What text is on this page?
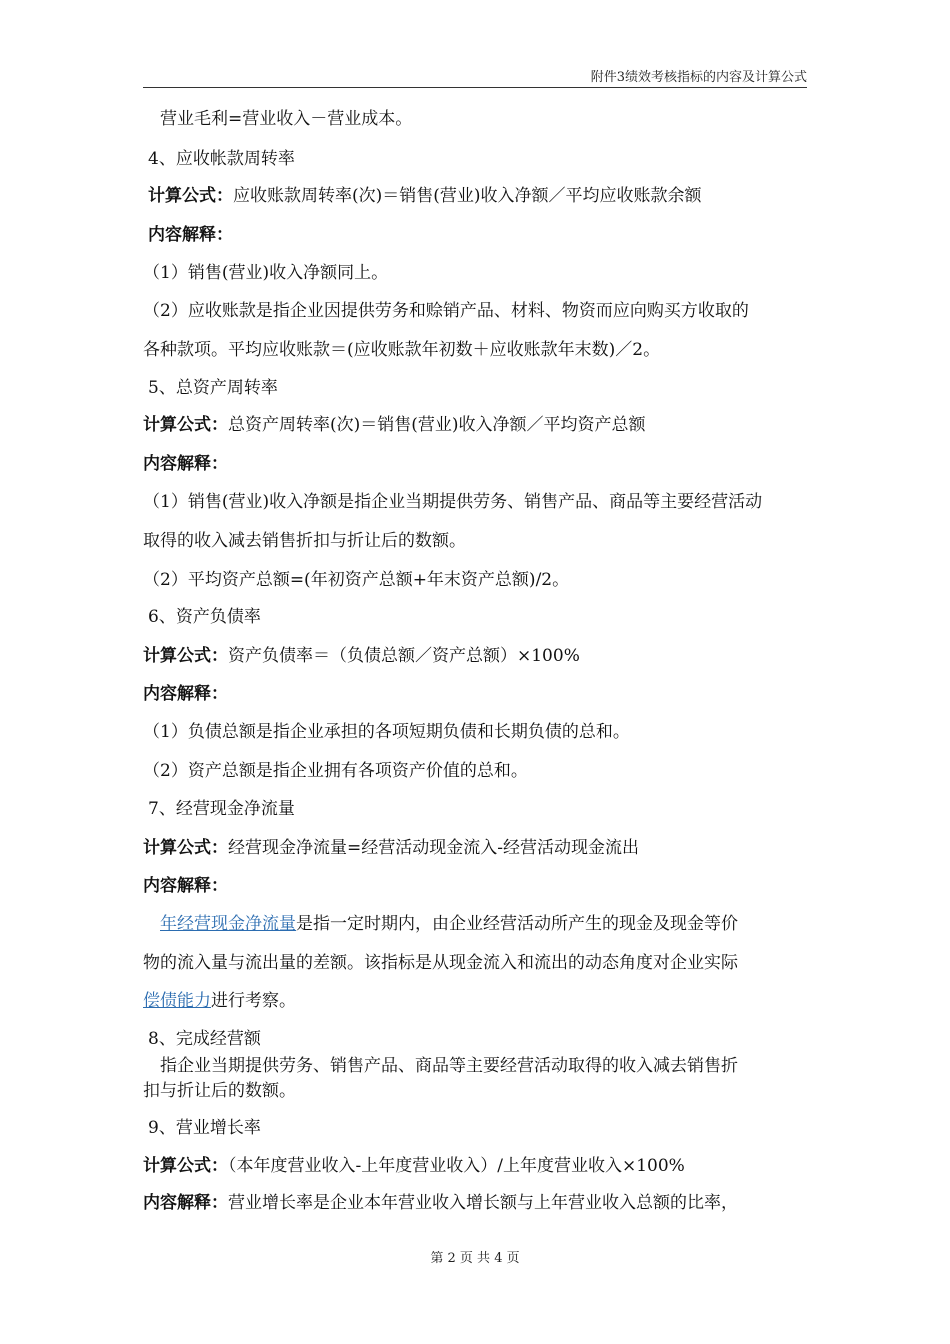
附件3绩效考核指标的内容及计算公式
营业毛利=营业收入－营业成本。
4、应收帐款周转率
计算公式：应收账款周转率(次)＝销售(营业)收入净额／平均应收账款余额
内容解释：
（1）销售(营业)收入净额同上。
（2）应收账款是指企业因提供劳务和赊销产品、材料、物资而应向购买方收取的
各种款项。平均应收账款＝(应收账款年初数＋应收账款年末数)／2。
5、总资产周转率
计算公式：总资产周转率(次)＝销售(营业)收入净额／平均资产总额
内容解释：
（1）销售(营业)收入净额是指企业当期提供劳务、销售产品、商品等主要经营活动
取得的收入减去销售折扣与折让后的数额。
（2）平均资产总额=(年初资产总额+年末资产总额)/2。
6、资产负债率
计算公式：资产负债率＝（负债总额／资产总额）×100%
内容解释：
（1）负债总额是指企业承担的各项短期负债和长期负债的总和。
（2）资产总额是指企业拥有各项资产价值的总和。
7、经营现金净流量
计算公式：经营现金净流量=经营活动现金流入-经营活动现金流出
内容解释：
年经营现金净流量是指一定时期内，由企业经营活动所产生的现金及现金等价
物的流入量与流出量的差额。该指标是从现金流入和流出的动态角度对企业实际
偿债能力进行考察。
8、完成经营额
指企业当期提供劳务、销售产品、商品等主要经营活动取得的收入减去销售折
扣与折让后的数额。
9、营业增长率
计算公式：（本年度营业收入-上年度营业收入）/上年度营业收入×100%
内容解释：营业增长率是企业本年营业收入增长额与上年营业收入总额的比率，
第 2 页 共 4 页
